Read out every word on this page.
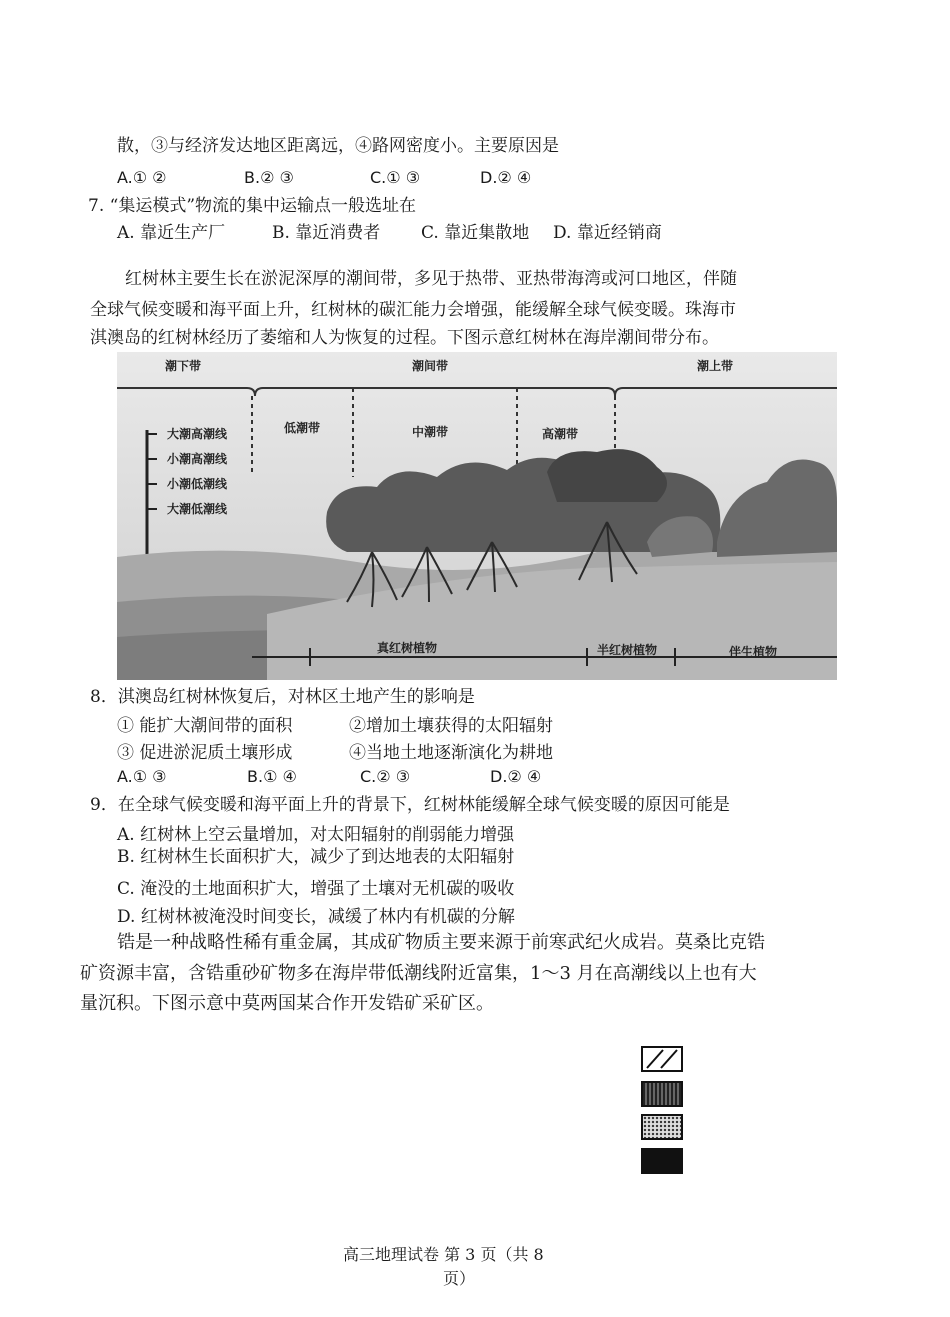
散，③与经济发达地区距离远，④路网密度小。主要原因是
A.① ②	B.② ③	C.① ③	D.② ④
7. “集运模式”物流的集中运输点一般选址在
A. 靠近生产厂	B. 靠近消费者 C. 靠近集散地 D. 靠近经销商
红树林主要生长在淤泥深厚的潮间带，多见于热带、亚热带海湾或河口地区，伴随
全球气候变暖和海平面上升，红树林的碳汇能力会增强，能缓解全球气候变暖。珠海市
淇澳岛的红树林经历了萎缩和人为恢复的过程。下图示意红树林在海岸潮间带分布。
潮下带	潮间带	潮上带
低潮带	中潮带	高潮带
大潮高潮线
小潮高潮线
小潮低潮线
大潮低潮线
真红树植物	半红树植物	伴生植物
8．淇澳岛红树林恢复后，对林区土地产生的影响是
① 能扩大潮间带的面积	②增加土壤获得的太阳辐射
③ 促进淤泥质土壤形成	④当地土地逐渐演化为耕地
A.① ③	B.① ④	C.② ③	D.② ④
9．在全球气候变暖和海平面上升的背景下，红树林能缓解全球气候变暖的原因可能是
A. 红树林上空云量增加，对太阳辐射的削弱能力增强
B. 红树林生长面积扩大，减少了到达地表的太阳辐射
C. 淹没的土地面积扩大，增强了土壤对无机碳的吸收
D. 红树林被淹没时间变长，减缓了林内有机碳的分解
锆是一种战略性稀有重金属，其成矿物质主要来源于前寒武纪火成岩。莫桑比克锆
矿资源丰富，含锆重砂矿物多在海岸带低潮线附近富集，1～3 月在高潮线以上也有大
量沉积。下图示意中莫两国某合作开发锆矿采矿区。
高三地理试卷 第 3 页（共 8
页）
